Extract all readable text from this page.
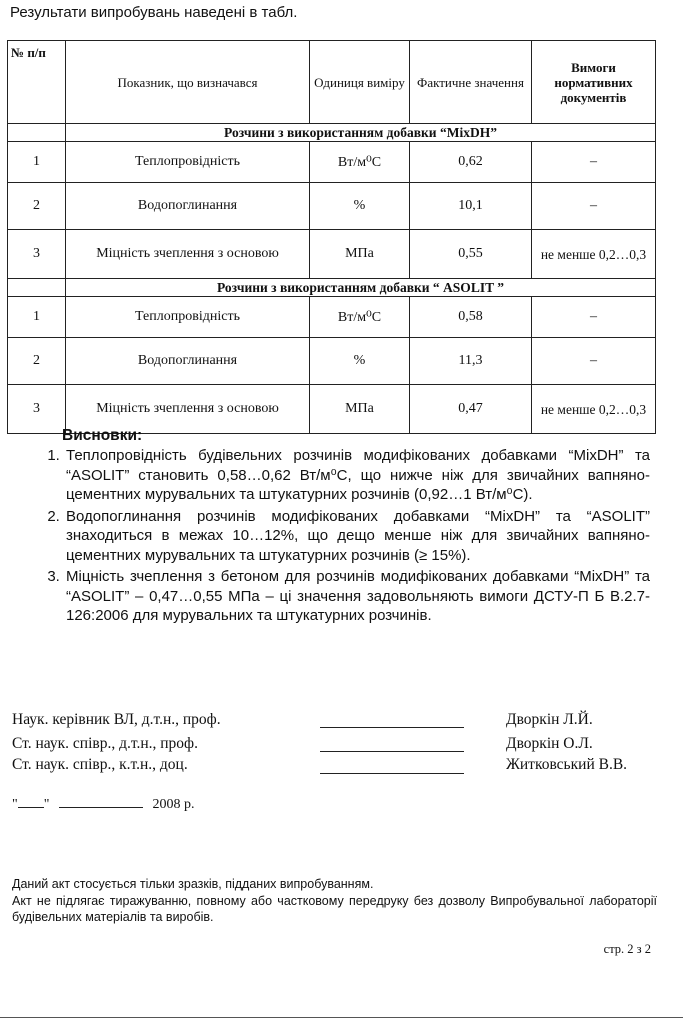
Результати випробувань наведені в табл.
№ п/п	Показник, що визначався	Одиниця виміру	Фактичне значення	Вимоги нормативних документів
	Розчини з використанням добавки “MixDH”			
1	Теплопровідність	Вт/м⁰С	0,62	–
2	Водопоглинання	%	10,1	–
3	Міцність зчеплення з основою	МПа	0,55	не менше 0,2…0,3

	Розчини з використанням добавки “ ASOLIT ”			
1	Теплопровідність	Вт/м⁰С	0,58	–
2	Водопоглинання	%	11,3	–
3	Міцність зчеплення з основою	МПа	0,47	не менше 0,2…0,3
Висновки:
1. Теплопровідність будівельних розчинів модифікованих добавками “MixDH” та “ASOLIT” становить 0,58…0,62 Вт/м⁰С, що нижче ніж для звичайних вапняно-цементних мурувальних та штукатурних розчинів (0,92…1 Вт/м⁰С).
2. Водопоглинання розчинів модифікованих добавками “MixDH” та “ASOLIT” знаходиться в межах 10…12%, що дещо менше ніж для звичайних вапняно-цементних мурувальних та штукатурних розчинів (≥ 15%).
3. Міцність зчеплення з бетоном для розчинів модифікованих добавками “MixDH” та “ASOLIT” – 0,47…0,55 МПа – ці значення задовольняють вимоги ДСТУ-П Б В.2.7-126:2006 для мурувальних та штукатурних розчинів.
Наук. керівник ВЛ, д.т.н., проф.	Дворкін Л.Й.
Ст. наук. співр., д.т.н., проф.	Дворкін О.Л.
Ст. наук. співр., к.т.н., доц.	Житковський В.В.
" "	2008 р.
Даний акт стосується тільки зразків, підданих випробуванням.
Акт не підлягає тиражуванню, повному або частковому передруку без дозволу Випробувальної лабораторії будівельних матеріалів та виробів.
стр. 2 з 2
